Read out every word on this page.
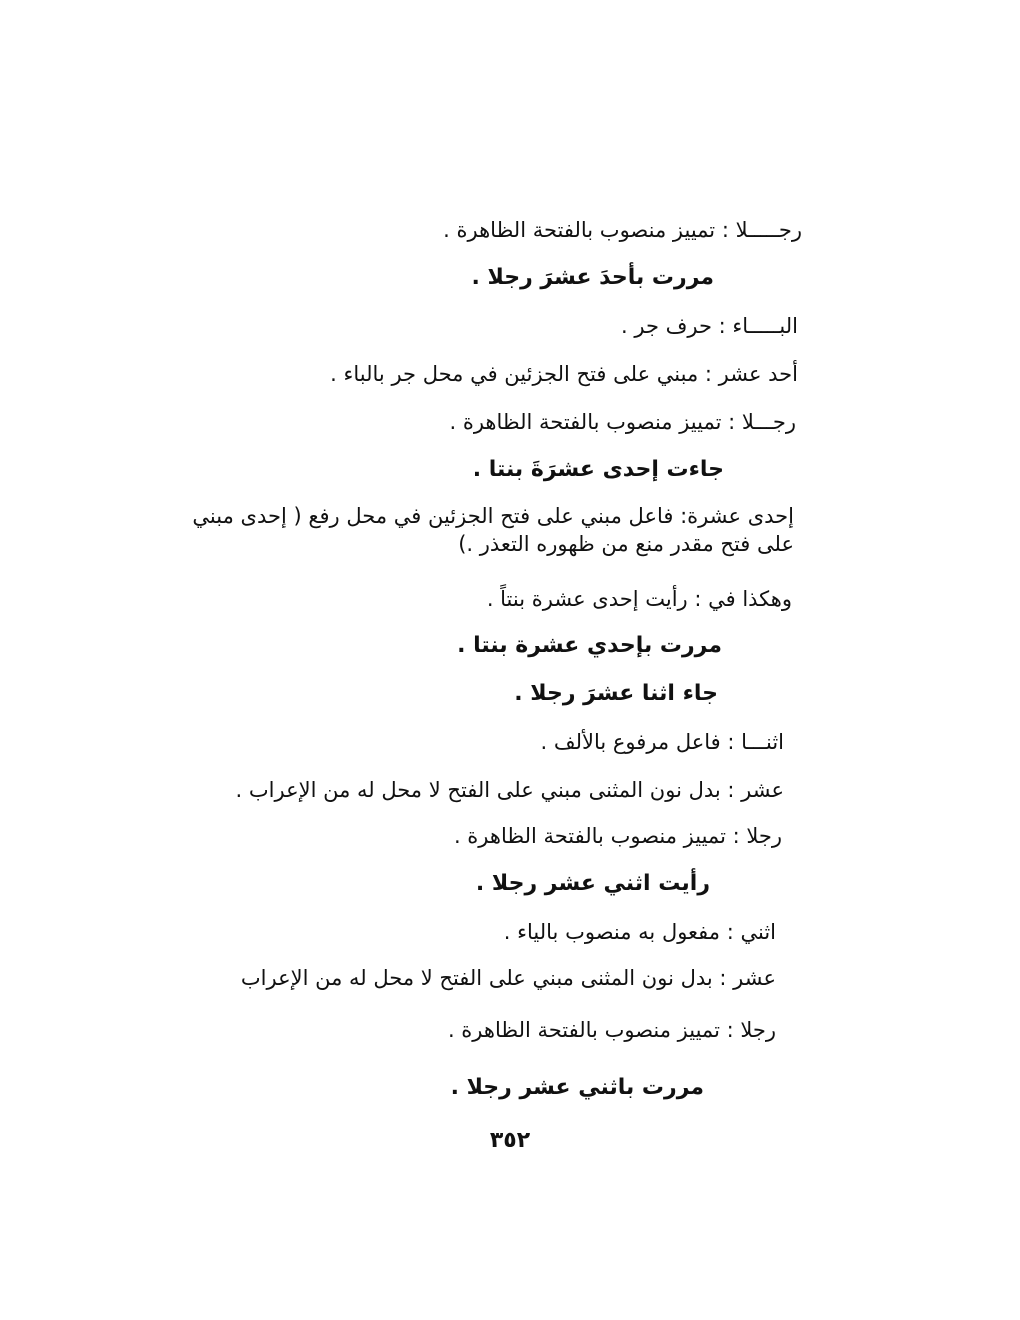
رجـــــلا : تمييز منصوب بالفتحة الظاهرة .
مررت بأحدَ عشرَ رجلا .
البـــــاء : حرف جر .
أحد عشر : مبني على فتح الجزئين في محل جر بالباء .
رجـــلا : تمييز منصوب بالفتحة الظاهرة .
جاءت إحدى عشرَةَ بنتا .
إحدى عشرة: فاعل مبني على فتح الجزئين في محل رفع ( إحدى مبني على فتح مقدر منع من ظهوره التعذر .)
وهكذا في : رأيت إحدى عشرة بنتاً .
مررت بإحدي عشرة بنتا .
جاء اثنا عشرَ رجلا .
اثنـــا : فاعل مرفوع بالألف .
عشر : بدل نون المثنى مبني على الفتح لا محل له من الإعراب .
رجلا : تمييز منصوب بالفتحة الظاهرة .
رأيت اثني عشر رجلا .
اثني : مفعول به منصوب بالياء .
عشر : بدل نون المثنى مبني على الفتح لا محل له من الإعراب
رجلا : تمييز منصوب بالفتحة الظاهرة .
مررت باثني عشر رجلا .
٣٥٢
